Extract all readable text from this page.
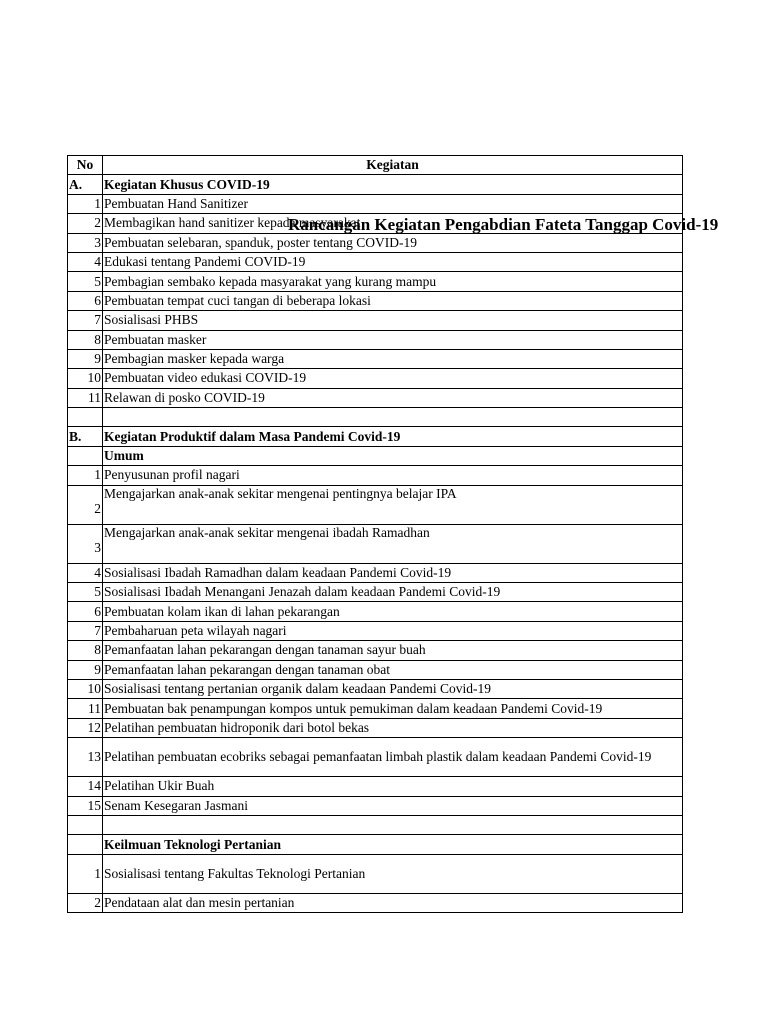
Rancangan Kegiatan Pengabdian Fateta Tanggap Covid-19
No	Kegiatan
A.	Kegiatan Khusus COVID-19
1	Pembuatan Hand Sanitizer
2	Membagikan hand sanitizer kepada masyarakat
3	Pembuatan selebaran, spanduk, poster tentang COVID-19
4	Edukasi tentang Pandemi COVID-19
5	Pembagian sembako kepada masyarakat yang kurang mampu
6	Pembuatan tempat cuci tangan di beberapa lokasi
7	Sosialisasi PHBS
8	Pembuatan masker
9	Pembagian masker kepada warga
10	Pembuatan video edukasi COVID-19
11	Relawan di posko COVID-19

B.	Kegiatan Produktif dalam Masa Pandemi Covid-19
	Umum
1	Penyusunan profil nagari
2	Mengajarkan anak-anak sekitar mengenai pentingnya belajar IPA
3	Mengajarkan anak-anak sekitar mengenai ibadah Ramadhan
4	Sosialisasi Ibadah Ramadhan dalam keadaan Pandemi Covid-19
5	Sosialisasi Ibadah Menangani Jenazah dalam keadaan Pandemi Covid-19
6	Pembuatan kolam ikan di lahan pekarangan
7	Pembaharuan peta wilayah nagari
8	Pemanfaatan lahan pekarangan dengan tanaman sayur buah
9	Pemanfaatan lahan pekarangan dengan tanaman obat
10	Sosialisasi tentang pertanian organik dalam keadaan Pandemi Covid-19
11	Pembuatan bak penampungan kompos untuk pemukiman dalam keadaan Pandemi Covid-19
12	Pelatihan pembuatan hidroponik dari botol bekas
13	Pelatihan pembuatan ecobriks sebagai pemanfaatan limbah plastik dalam keadaan Pandemi Covid-19
14	Pelatihan Ukir Buah
15	Senam Kesegaran Jasmani

	Keilmuan Teknologi Pertanian
1	Sosialisasi tentang Fakultas Teknologi Pertanian
2	Pendataan alat dan mesin pertanian
